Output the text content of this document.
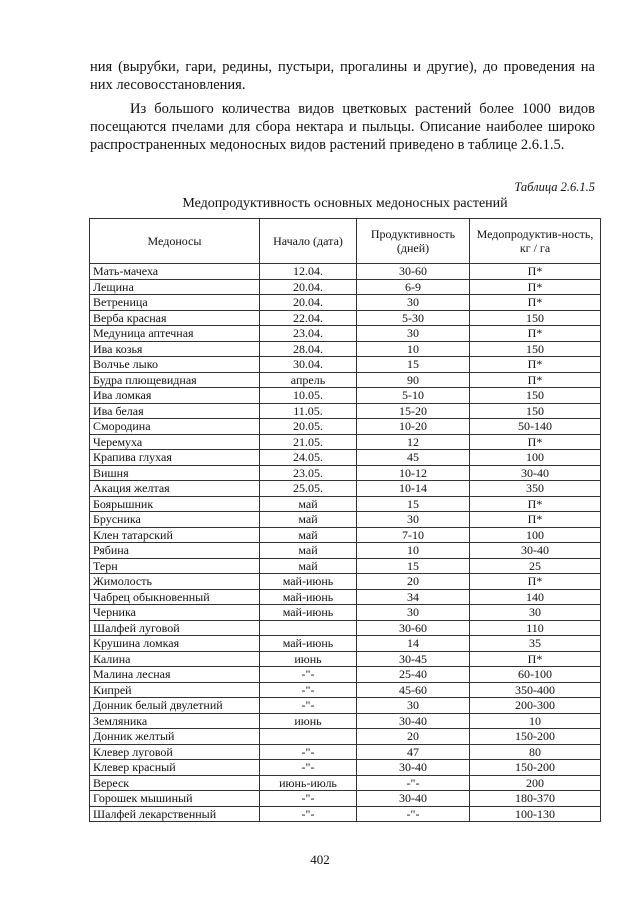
ния (вырубки, гари, редины, пустыри, прогалины и другие), до проведения на них лесовосстановления.

Из большого количества видов цветковых растений более 1000 видов посещаются пчелами для сбора нектара и пыльцы. Описание наиболее широко распространенных медоносных видов растений приведено в таблице 2.6.1.5.

Таблица 2.6.1.5
Медопродуктивность основных медоносных растений
Медоносы	Начало (дата)	Продуктивность (дней)	Медопродуктив-ность, кг / га
Мать-мачеха	12.04.	30-60	П*
Лещина	20.04.	6-9	П*
Ветреница	20.04.	30	П*
Верба красная	22.04.	5-30	150
Медуница аптечная	23.04.	30	П*
Ива козья	28.04.	10	150
Волчье лыко	30.04.	15	П*
Будра плющевидная	апрель	90	П*
Ива ломкая	10.05.	5-10	150
Ива белая	11.05.	15-20	150
Смородина	20.05.	10-20	50-140
Черемуха	21.05.	12	П*
Крапива глухая	24.05.	45	100
Вишня	23.05.	10-12	30-40
Акация желтая	25.05.	10-14	350
Боярышник	май	15	П*
Брусника	май	30	П*
Клен татарский	май	7-10	100
Рябина	май	10	30-40
Терн	май	15	25
Жимолость	май-июнь	20	П*
Чабрец обыкновенный	май-июнь	34	140
Черника	май-июнь	30	30
Шалфей луговой		30-60	110
Крушина ломкая	май-июнь	14	35
Калина	июнь	30-45	П*
Малина лесная	-"-	25-40	60-100
Кипрей	-"-	45-60	350-400
Донник белый двулетний	-"-	30	200-300
Земляника	июнь	30-40	10
Донник желтый		20	150-200
Клевер луговой	-"-	47	80
Клевер красный	-"-	30-40	150-200
Вереск	июнь-июль	-"-	200
Горошек мышиный	-"-	30-40	180-370
Шалфей лекарственный	-"-	-"-	100-130
402
